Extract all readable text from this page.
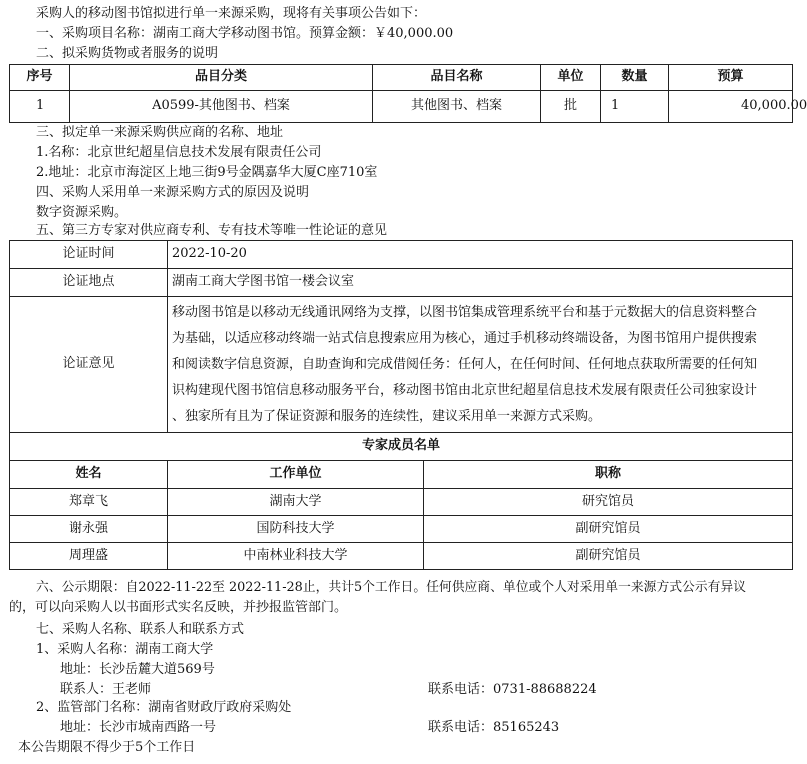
采购人的移动图书馆拟进行单一来源采购，现将有关事项公告如下：
一、采购项目名称：湖南工商大学移动图书馆。预算金额：￥40,000.00
二、拟采购货物或者服务的说明
序号	品目分类	品目名称	单位	数量	预算
1	A0599-其他图书、档案	其他图书、档案	批	1	40,000.00
三、拟定单一来源采购供应商的名称、地址
1.名称：北京世纪超星信息技术发展有限责任公司
2.地址：北京市海淀区上地三街9号金隅嘉华大厦C座710室
四、采购人采用单一来源采购方式的原因及说明
数字资源采购。
五、第三方专家对供应商专利、专有技术等唯一性论证的意见
论证时间	2022-10-20	
论证地点	湖南工商大学图书馆一楼会议室	
论证意见	移动图书馆是以移动无线通讯网络为支撑，以图书馆集成管理系统平台和基于元数据大的信息资料整合
为基础，以适应移动终端一站式信息搜索应用为核心，通过手机移动终端设备，为图书馆用户提供搜索
和阅读数字信息资源，自助查询和完成借阅任务：任何人，在任何时间、任何地点获取所需要的任何知
识构建现代图书馆信息移动服务平台，移动图书馆由北京世纪超星信息技术发展有限责任公司独家设计
、独家所有且为了保证资源和服务的连续性，建议采用单一来源方式采购。	

专家成员名单		
姓名	工作单位	职称
郑章飞	湖南大学	研究馆员
谢永强	国防科技大学	副研究馆员
周理盛	中南林业科技大学	副研究馆员
六、公示期限：自2022-11-22至 2022-11-28止，共计5个工作日。任何供应商、单位或个人对采用单一来源方式公示有异议
的，可以向采购人以书面形式实名反映，并抄报监管部门。
七、采购人名称、联系人和联系方式
1、采购人名称：湖南工商大学
地址：长沙岳麓大道569号
联系人：王老师	联系电话：0731-88688224
2、监管部门名称：湖南省财政厅政府采购处
地址：长沙市城南西路一号	联系电话：85165243
本公告期限不得少于5个工作日
